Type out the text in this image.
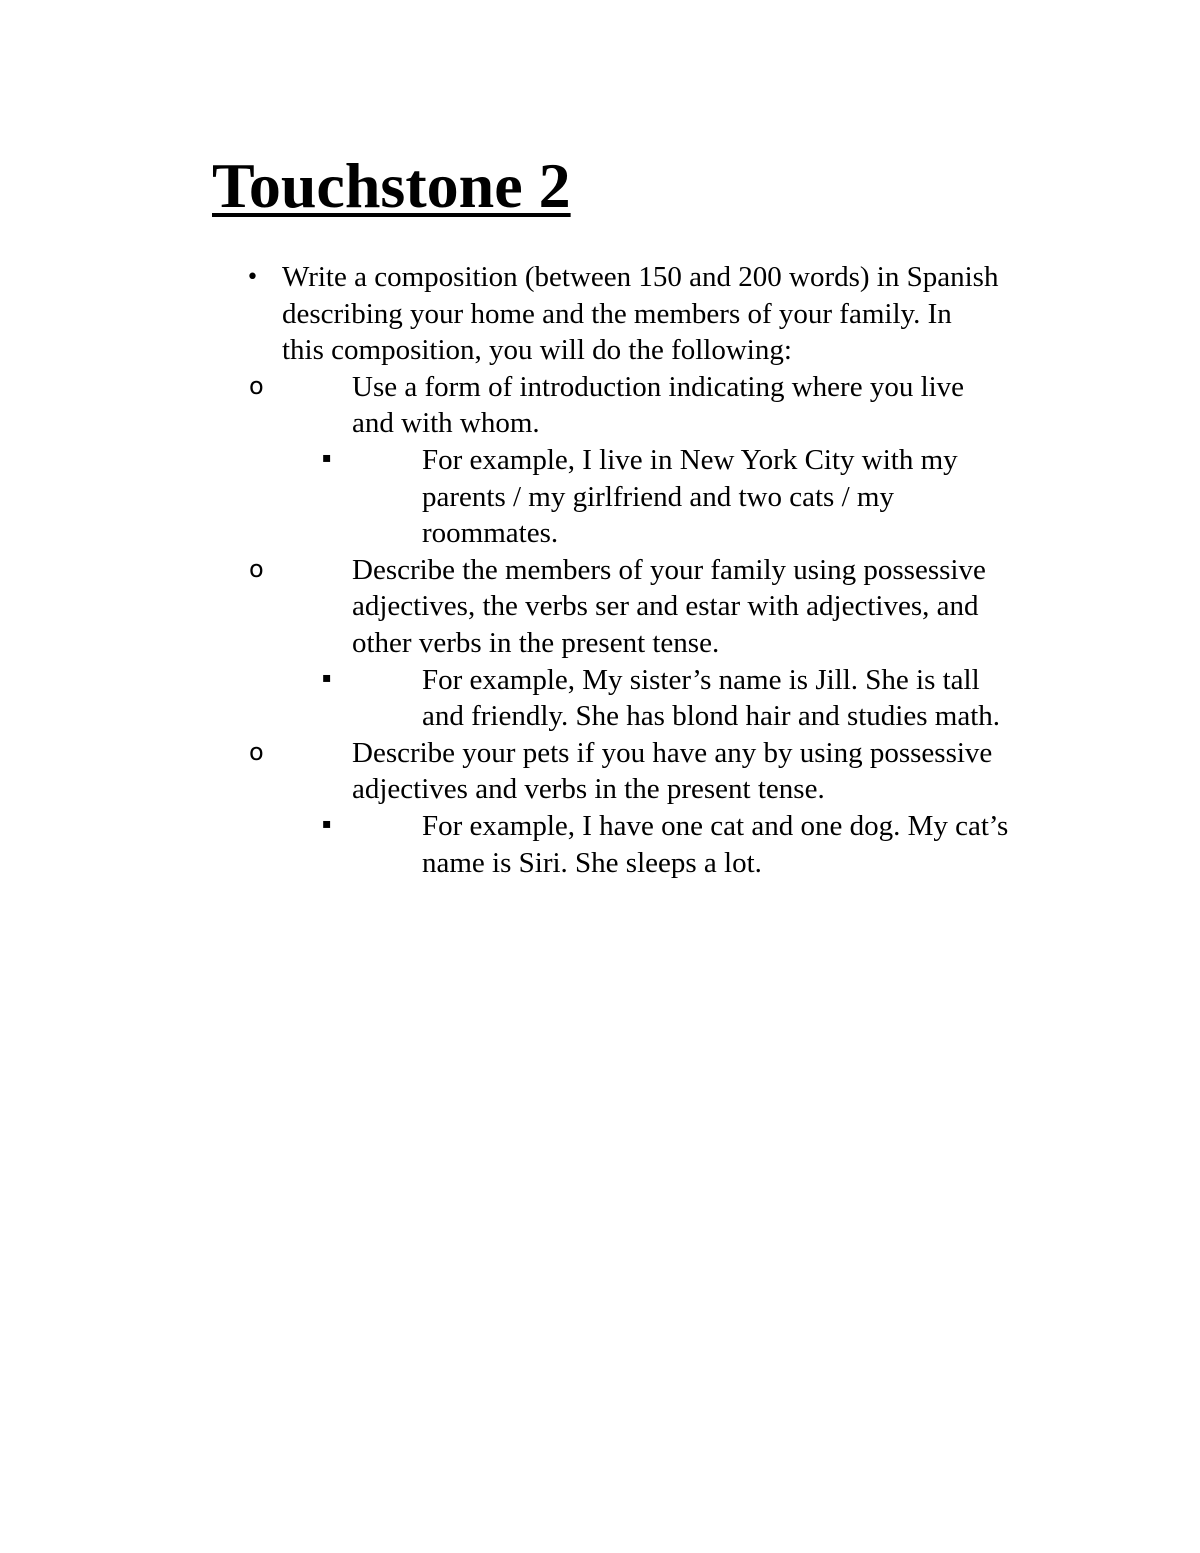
Touchstone 2
• Write a composition (between 150 and 200 words) in Spanish
describing your home and the members of your family. In
this composition, you will do the following:
o	Use a form of introduction indicating where you live
and with whom.
▪	For example, I live in New York City with my
parents / my girlfriend and two cats / my
roommates.
o	Describe the members of your family using possessive
adjectives, the verbs ser and estar with adjectives, and
other verbs in the present tense.
▪	For example, My sister’s name is Jill. She is tall
and friendly. She has blond hair and studies math.
o	Describe your pets if you have any by using possessive
adjectives and verbs in the present tense.
▪	For example, I have one cat and one dog. My cat’s
name is Siri. She sleeps a lot.
